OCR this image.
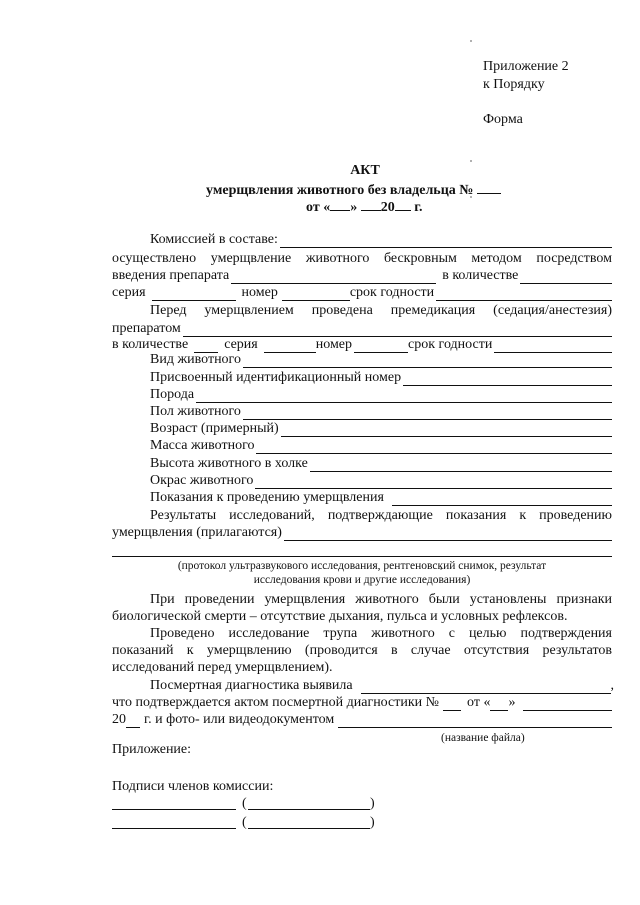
Приложение 2
к Порядку
Форма
АКТ
умерщвления животного без владельца №
от « » 20 г.
Комиссией в составе:
осуществлено умерщвление животного бескровным методом посредством
введения препарата	в количестве
серия	номер	срок годности
Перед умерщвлением проведена премедикация (седация/анестезия)
препаратом
в количестве	серия	номер	срок годности
Вид животного
Присвоенный идентификационный номер
Порода
Пол животного
Возраст (примерный)
Масса животного
Высота животного в холке
Окрас животного
Показания к проведению умерщвления
Результаты исследований, подтверждающие показания к проведению
умерщвления (прилагаются)
(протокол ультразвукового исследования, рентгеновский снимок, результат
исследования крови и другие исследования)
При проведении умерщвления животного были установлены признаки
биологической смерти – отсутствие дыхания, пульса и условных рефлексов.
Проведено исследование трупа животного с целью подтверждения
показаний к умерщвлению (проводится в случае отсутствия результатов
исследований перед умерщвлением).
Посмертная диагностика выявила	,
что подтверждается актом посмертной диагностики № от « »
20 г. и фото- или видеодокументом
(название файла)
Приложение:
Подписи членов комиссии:
(	)
(	)
